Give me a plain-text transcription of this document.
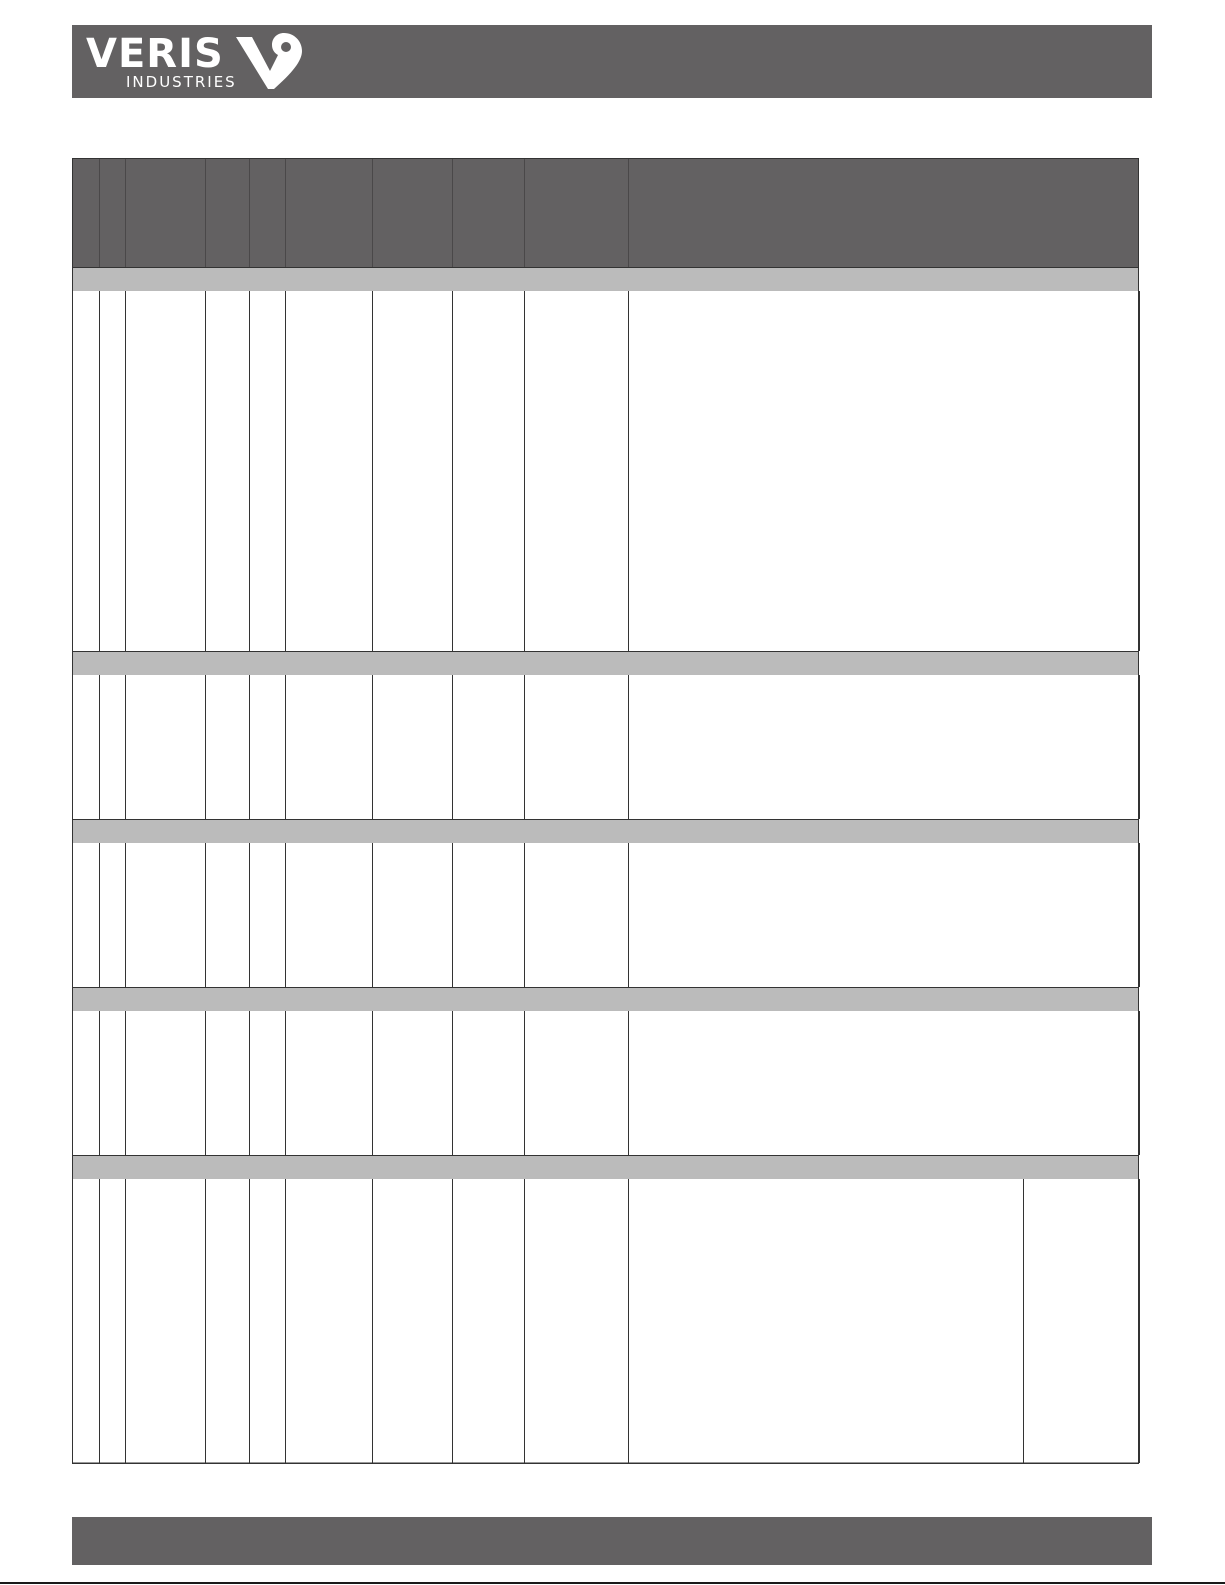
VERIS
INDUSTRIES
